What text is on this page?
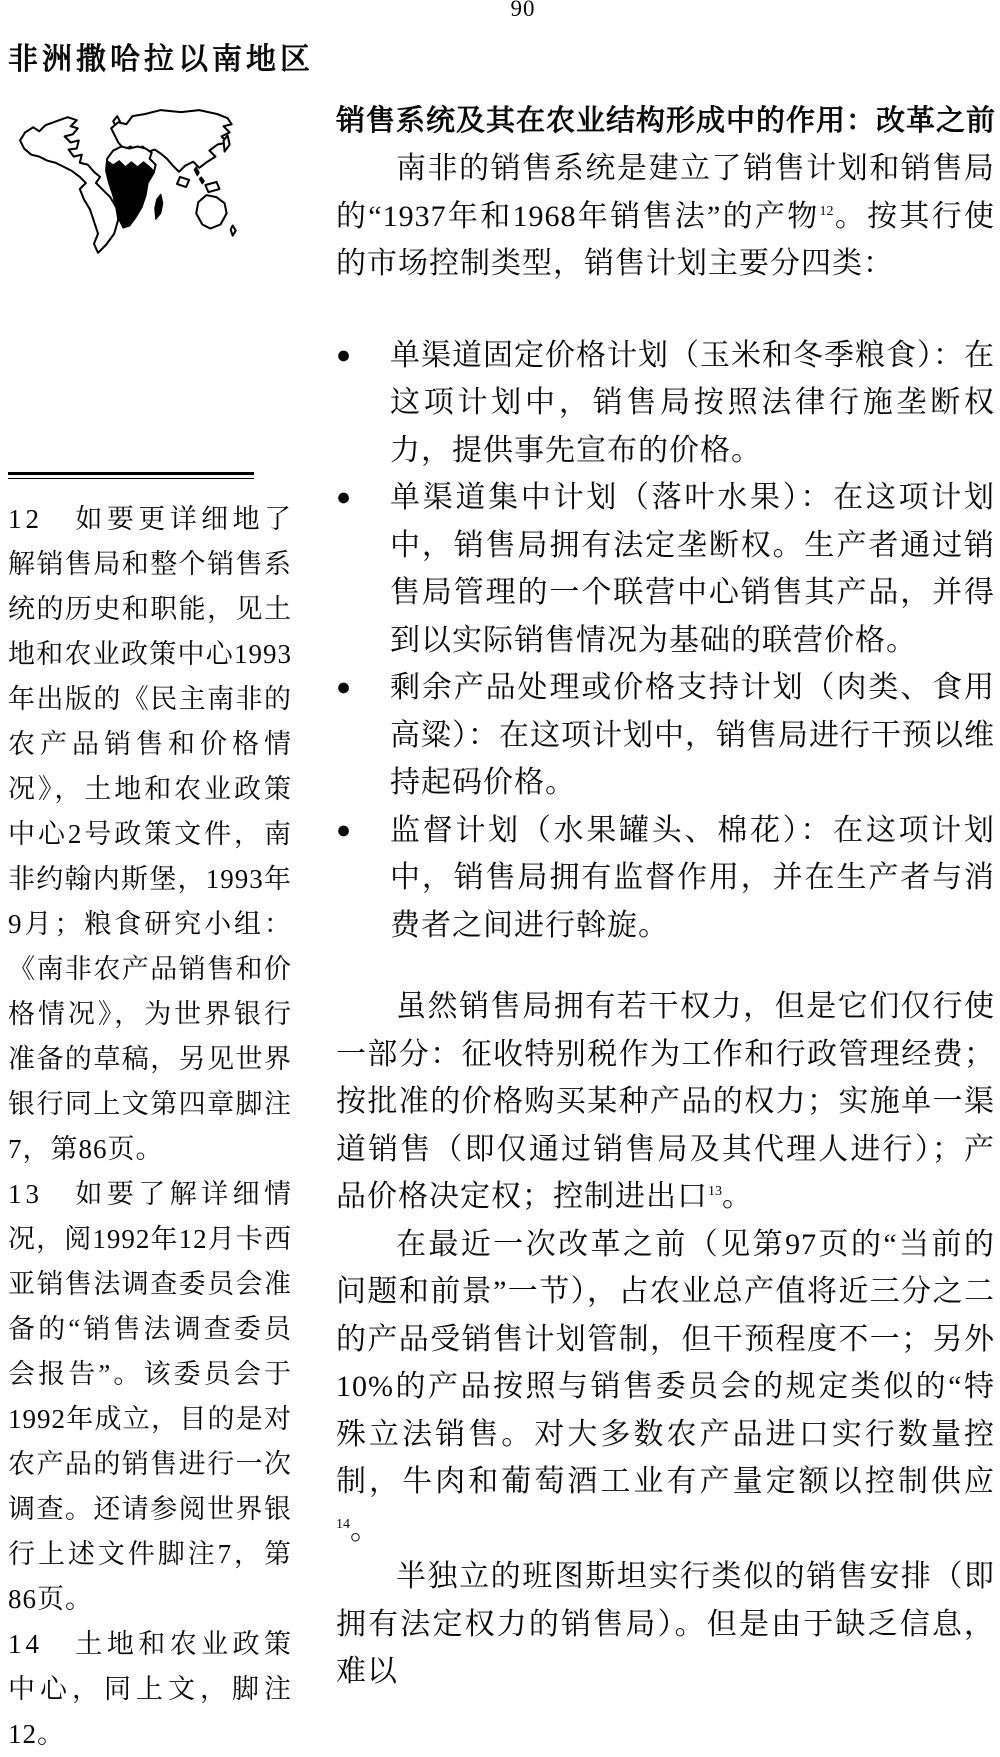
90
非洲撒哈拉以南地区

12 如要更详细地了解销售局和整个销售系统的历史和职能，见土地和农业政策中心1993年出版的《民主南非的农产品销售和价格情况》，土地和农业政策中心2号政策文件，南非约翰内斯堡，1993年9月；粮食研究小组：《南非农产品销售和价格情况》，为世界银行准备的草稿，另见世界银行同上文第四章脚注7，第86页。

13 如要了解详细情况，阅1992年12月卡西亚销售法调查委员会准备的“销售法调查委员会报告”。该委员会于1992年成立，目的是对农产品的销售进行一次调查。还请参阅世界银行上述文件脚注7，第86页。

14 土地和农业政策中心，同上文，脚注12。

销售系统及其在农业结构形成中的作用：改革之前

南非的销售系统是建立了销售计划和销售局的“1937年和1968年销售法”的产物$^{12}$。按其行使的市场控制类型，销售计划主要分四类：

●	单渠道固定价格计划（玉米和冬季粮食）：在这项计划中，销售局按照法律行施垄断权力，提供事先宣布的价格。
●	单渠道集中计划（落叶水果）：在这项计划中，销售局拥有法定垄断权。生产者通过销售局管理的一个联营中心销售其产品，并得到以实际销售情况为基础的联营价格。
●	剩余产品处理或价格支持计划（肉类、食用高粱）：在这项计划中，销售局进行干预以维持起码价格。
●	监督计划（水果罐头、棉花）：在这项计划中，销售局拥有监督作用，并在生产者与消费者之间进行斡旋。

虽然销售局拥有若干权力，但是它们仅行使一部分：征收特别税作为工作和行政管理经费；按批准的价格购买某种产品的权力；实施单一渠道销售（即仅通过销售局及其代理人进行）；产品价格决定权；控制进出口$^{13}$。

在最近一次改革之前（见第97页的“当前的问题和前景”一节），占农业总产值将近三分之二的产品受销售计划管制，但干预程度不一；另外10%的产品按照与销售委员会的规定类似的“特殊立法销售。对大多数农产品进口实行数量控制，牛肉和葡萄酒工业有产量定额以控制供应$^{14}$。

半独立的班图斯坦实行类似的销售安排（即拥有法定权力的销售局）。但是由于缺乏信息，难以
